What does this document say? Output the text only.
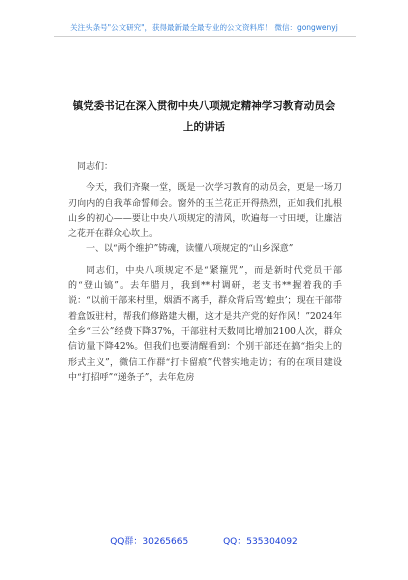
关注头条号"公文研究"，获得最新最全最专业的公文资料库！ 微信：gongwenyj
镇党委书记在深入贯彻中央八项规定精神学习教育动员会
上的讲话

同志们：

今天，我们齐聚一堂，既是一次学习教育的动员会，更是一场刀刃向内的自我革命誓师会。窗外的玉兰花正开得热烈，正如我们扎根山乡的初心——要让中央八项规定的清风，吹遍每一寸田埂，让廉洁之花开在群众心坎上。

一、以“两个维护”铸魂，读懂八项规定的“山乡深意”

同志们，中央八项规定不是“紧箍咒”，而是新时代党员干部的“登山镐”。去年腊月，我到**村调研，老支书**握着我的手说：“以前干部来村里，烟酒不离手，群众背后骂‘蝗虫’；现在干部带着盒饭驻村，帮我们修路建大棚，这才是共产党的好作风！”2024年全乡“三公”经费下降37%，干部驻村天数同比增加2100人次，群众信访量下降42%。但我们也要清醒看到：个别干部还在搞“指尖上的形式主义”，微信工作群“打卡留痕”代替实地走访；有的在项目建设中“打招呼”“递条子”，去年危房

QQ群：30265665	QQ：535304092
